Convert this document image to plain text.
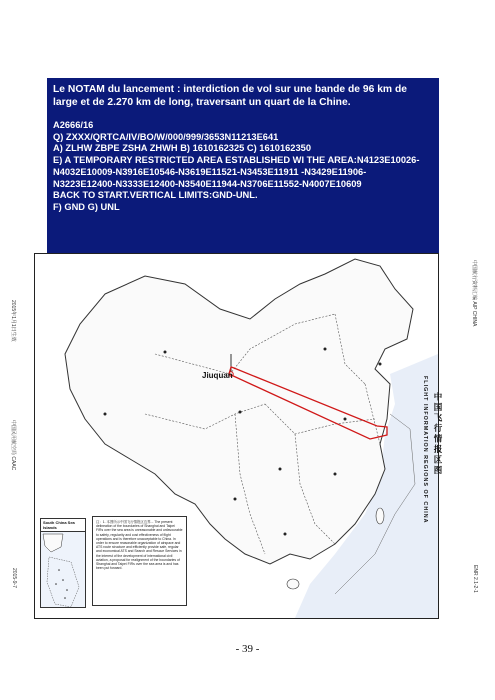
Le NOTAM du lancement : interdiction de vol sur une bande de 96 km de large et de 2.270 km de long, traversant un quart de la Chine.

A2666/16
Q) ZXXX/QRTCA/IV/BO/W/000/999/3653N11213E641
A) ZLHW ZBPE ZSHA ZHWH B) 1610162325 C) 1610162350
E) A TEMPORARY RESTRICTED AREA ESTABLISHED WI THE AREA:N4123E10026-
N4032E10009-N3916E10546-N3619E11521-N3453E11911 -N3429E11906-
N3223E12400-N3333E12400-N3540E11944-N3706E11552-N4007E10609
BACK TO START.VERTICAL LIMITS:GND-UNL.
F) GND G) UNL
2015年1月1日生效
中国民用航空局 CAAC
2015-9-7
中国航行资料汇编 AIP CHINA
ENR 2.1-2-1
Jiuquan
注：1. 本图所示中国飞行情报区边界... The present delineation of the boundaries of Shanghai and Taipei FIRs over the sea area is unreasonable and unfavourable to safety, regularity and cost effectiveness of flight operations and is therefore unacceptable to China. In order to ensure reasonable organization of airspace and ATS route structure and efficiently provide safe, regular and economical ATS and Search and Rescue Services in the interest of the development of international civil aviation, a proposal for realignment of the boundaries of Shanghai and Taipei FIRs over the sea area is and has been put forward.
South China Sea Islands
中国飞行情报区图
FLIGHT INFORMATION REGIONS OF CHINA
- 39 -
